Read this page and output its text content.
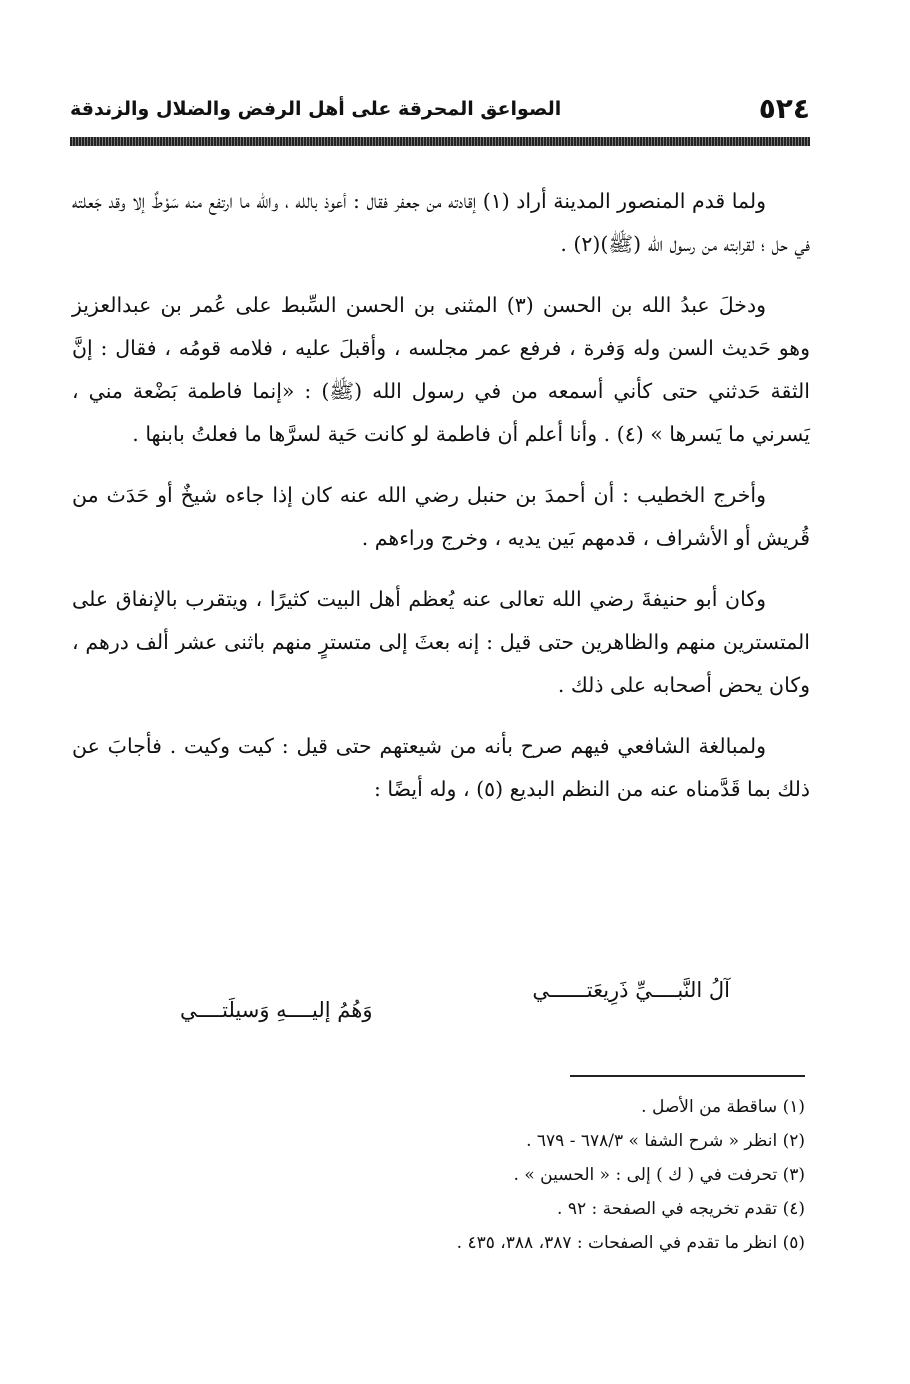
٥٢٤
الصواعق المحرقة على أهل الرفض والضلال والزندقة

ولما قدم المنصور المدينة أراد (١) إقادته من جعفر فقال : أعوذ بالله ، والله ما ارتفع منه سَوْطٌ إلا وقد جَعلته في حل ؛ لقرابته من رسول الله (ﷺ)(٢) .

ودخلَ عبدُ الله بن الحسن (٣) المثنى بن الحسن السِّبط على عُمر بن عبدالعزيز وهو حَديث السن وله وَفرة ، فرفع عمر مجلسه ، وأقبلَ عليه ، فلامه قومُه ، فقال : إنَّ الثقة حَدثني حتى كأني أسمعه من في رسول الله (ﷺ) : «إنما فاطمة بَضْعة مني ، يَسرني ما يَسرها » (٤) . وأنا أعلم أن فاطمة لو كانت حَية لسرَّها ما فعلتُ بابنها .

وأخرج الخطيب : أن أحمدَ بن حنبل رضي الله عنه كان إذا جاءه شيخٌ أو حَدَث من قُريش أو الأشراف ، قدمهم بَين يديه ، وخرج وراءهم .

وكان أبو حنيفةَ رضي الله تعالى عنه يُعظم أهل البيت كثيرًا ، ويتقرب بالإنفاق على المتسترين منهم والظاهرين حتى قيل : إنه بعثَ إلى متسترٍ منهم باثنى عشر ألف درهم ، وكان يحض أصحابه على ذلك .

ولمبالغة الشافعي فيهم صرح بأنه من شيعتهم حتى قيل : كيت وكيت . فأجابَ عن ذلك بما قَدَّمناه عنه من النظم البديع (٥) ، وله أيضًا :

آلُ النَّبــــيِّ ذَرِيعَتــــــي
وَهُمُ إليــــهِ وَسيلَتــــي
(١) ساقطة من الأصل .
(٢) انظر « شرح الشفا » ٦٧٨/٣ - ٦٧٩ .
(٣) تحرفت في ( ك ) إلى : « الحسين » .
(٤) تقدم تخريجه في الصفحة : ٩٢ .
(٥) انظر ما تقدم في الصفحات : ٣٨٧، ٣٨٨، ٤٣٥ .
